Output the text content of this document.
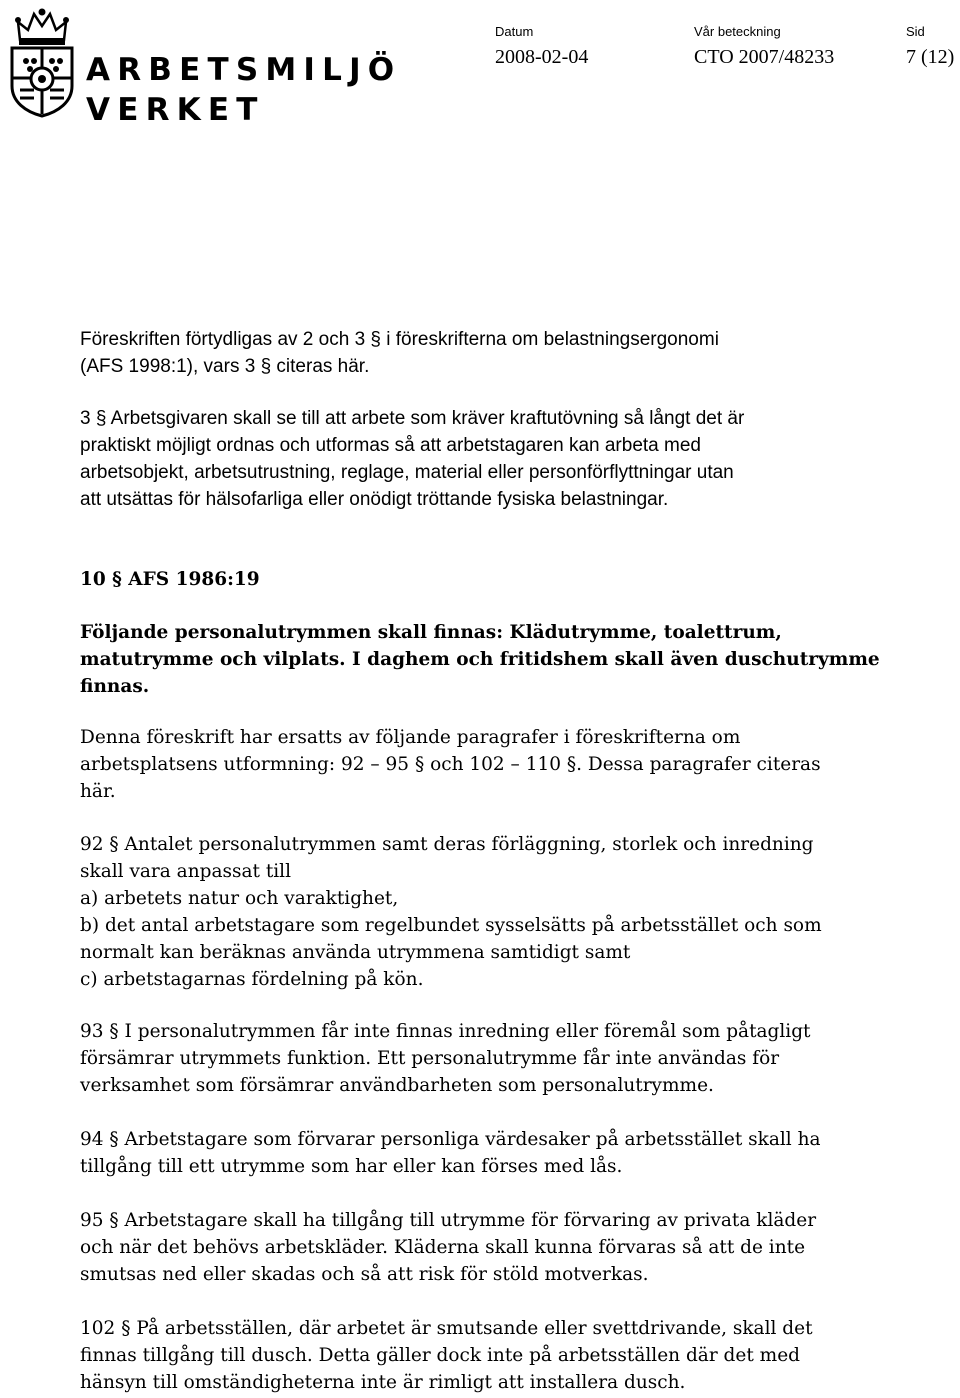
ARBETSMILJÖ
VERKET
Datum
2008-02-04
Vår beteckning
CTO 2007/48233
Sid
7 (12)
Föreskriften förtydligas av 2 och 3 § i föreskrifterna om belastningsergonomi
(AFS 1998:1), vars 3 § citeras här.
3 § Arbetsgivaren skall se till att arbete som kräver kraftutövning så långt det är
praktiskt möjligt ordnas och utformas så att arbetstagaren kan arbeta med
arbetsobjekt, arbetsutrustning, reglage, material eller personförflyttningar utan
att utsättas för hälsofarliga eller onödigt tröttande fysiska belastningar.
10 § AFS 1986:19
Följande personalutrymmen skall finnas: Klädutrymme, toalettrum,
matutrymme och vilplats. I daghem och fritidshem skall även duschutrymme
finnas.
Denna föreskrift har ersatts av följande paragrafer i föreskrifterna om
arbetsplatsens utformning: 92 – 95 § och 102 – 110 §. Dessa paragrafer citeras
här.
92 § Antalet personalutrymmen samt deras förläggning, storlek och inredning
skall vara anpassat till
a) arbetets natur och varaktighet,
b) det antal arbetstagare som regelbundet sysselsätts på arbetsstället och som
normalt kan beräknas använda utrymmena samtidigt samt
c) arbetstagarnas fördelning på kön.
93 § I personalutrymmen får inte finnas inredning eller föremål som påtagligt
försämrar utrymmets funktion. Ett personalutrymme får inte användas för
verksamhet som försämrar användbarheten som personalutrymme.
94 § Arbetstagare som förvarar personliga värdesaker på arbetsstället skall ha
tillgång till ett utrymme som har eller kan förses med lås.
95 § Arbetstagare skall ha tillgång till utrymme för förvaring av privata kläder
och när det behövs arbetskläder. Kläderna skall kunna förvaras så att de inte
smutsas ned eller skadas och så att risk för stöld motverkas.
102 § På arbetsställen, där arbetet är smutsande eller svettdrivande, skall det
finnas tillgång till dusch. Detta gäller dock inte på arbetsställen där det med
hänsyn till omständigheterna inte är rimligt att installera dusch.
